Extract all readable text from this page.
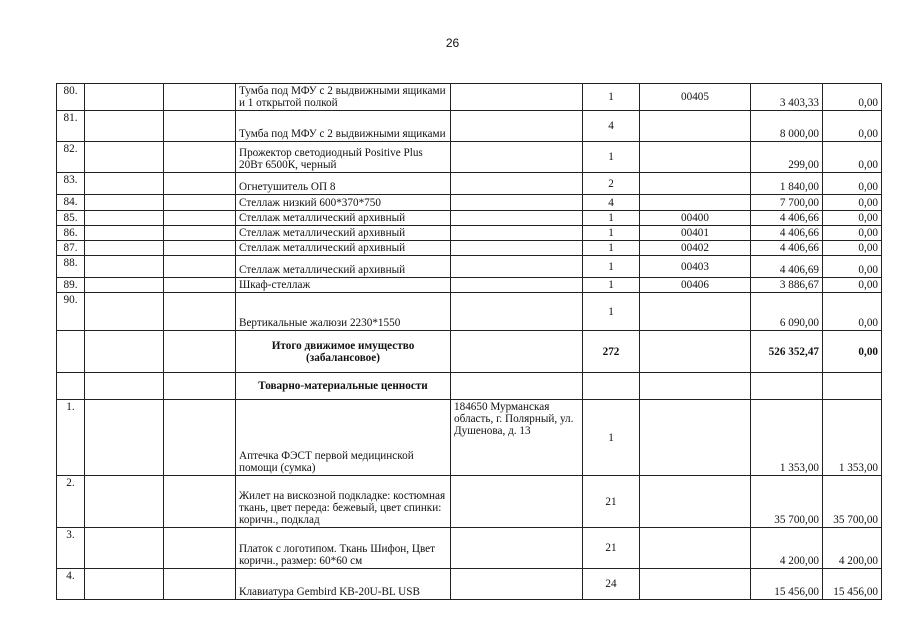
26
80.			Тумба под МФУ с 2 выдвижными ящиками и 1 открытой полкой		1	00405	3 403,33	0,00
81.			Тумба под МФУ с 2 выдвижными ящиками		4		8 000,00	0,00
82.			Прожектор светодиодный Positive Plus 20Вт 6500К, черный		1		299,00	0,00
83.			Огнетушитель ОП 8		2		1 840,00	0,00
84.			Стеллаж низкий 600*370*750		4		7 700,00	0,00
85.			Стеллаж металлический архивный		1	00400	4 406,66	0,00
86.			Стеллаж металлический архивный		1	00401	4 406,66	0,00
87.			Стеллаж металлический архивный		1	00402	4 406,66	0,00
88.			Стеллаж металлический архивный		1	00403	4 406,69	0,00
89.			Шкаф-стеллаж		1	00406	3 886,67	0,00
90.			Вертикальные жалюзи 2230*1550		1		6 090,00	0,00
			Итого движимое имущество (забалансовое)		272		526 352,47	0,00
			Товарно-материальные ценности					
1.			Аптечка ФЭСТ первой медицинской помощи (сумка)	184650 Мурманская область, г. Полярный, ул. Душенова, д. 13	1		1 353,00	1 353,00
2.			Жилет на вискозной подкладке: костюмная ткань, цвет переда: бежевый, цвет спинки: коричн., подклад		21		35 700,00	35 700,00
3.			Платок с логотипом. Ткань Шифон, Цвет коричн., размер: 60*60 см		21		4 200,00	4 200,00
4.			Клавиатура Gembird KB-20U-BL USB		24		15 456,00	15 456,00
